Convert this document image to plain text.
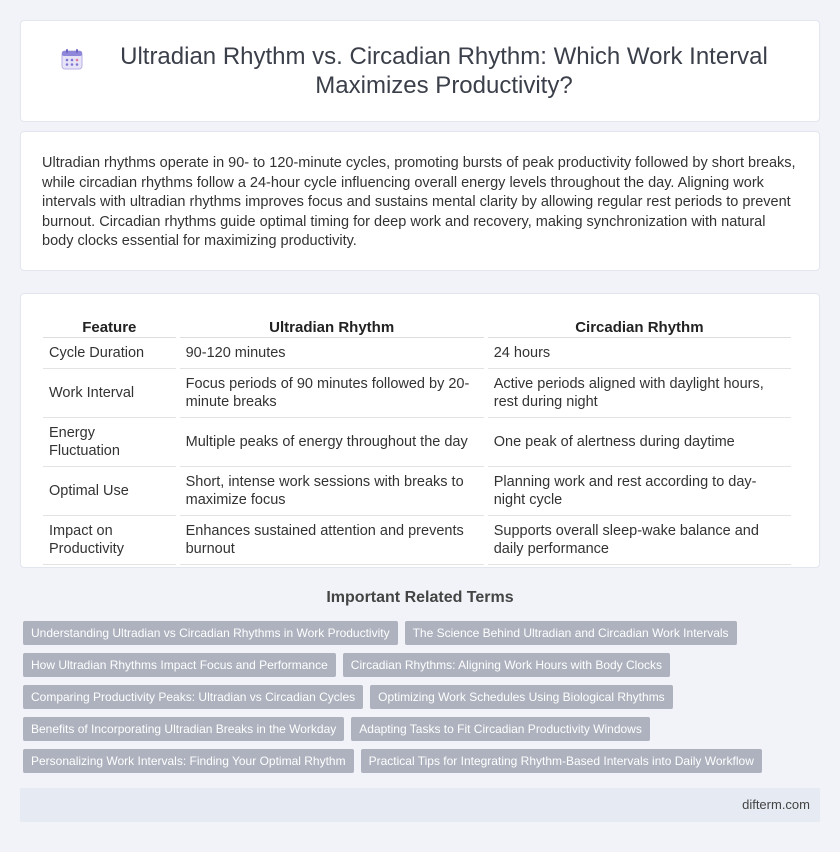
Ultradian Rhythm vs. Circadian Rhythm: Which Work Interval Maximizes Productivity?

Ultradian rhythms operate in 90- to 120-minute cycles, promoting bursts of peak productivity followed by short breaks, while circadian rhythms follow a 24-hour cycle influencing overall energy levels throughout the day. Aligning work intervals with ultradian rhythms improves focus and sustains mental clarity by allowing regular rest periods to prevent burnout. Circadian rhythms guide optimal timing for deep work and recovery, making synchronization with natural body clocks essential for maximizing productivity.

Feature	Ultradian Rhythm	Circadian Rhythm
Cycle Duration	90-120 minutes	24 hours
Work Interval	Focus periods of 90 minutes followed by 20-minute breaks	Active periods aligned with daylight hours, rest during night
Energy Fluctuation	Multiple peaks of energy throughout the day	One peak of alertness during daytime
Optimal Use	Short, intense work sessions with breaks to maximize focus	Planning work and rest according to day-night cycle
Impact on Productivity	Enhances sustained attention and prevents burnout	Supports overall sleep-wake balance and daily performance
Important Related Terms
Understanding Ultradian vs Circadian Rhythms in Work Productivity	The Science Behind Ultradian and Circadian Work Intervals
How Ultradian Rhythms Impact Focus and Performance	Circadian Rhythms: Aligning Work Hours with Body Clocks
Comparing Productivity Peaks: Ultradian vs Circadian Cycles	Optimizing Work Schedules Using Biological Rhythms
Benefits of Incorporating Ultradian Breaks in the Workday	Adapting Tasks to Fit Circadian Productivity Windows
Personalizing Work Intervals: Finding Your Optimal Rhythm	Practical Tips for Integrating Rhythm-Based Intervals into Daily Workflow
difterm.com
